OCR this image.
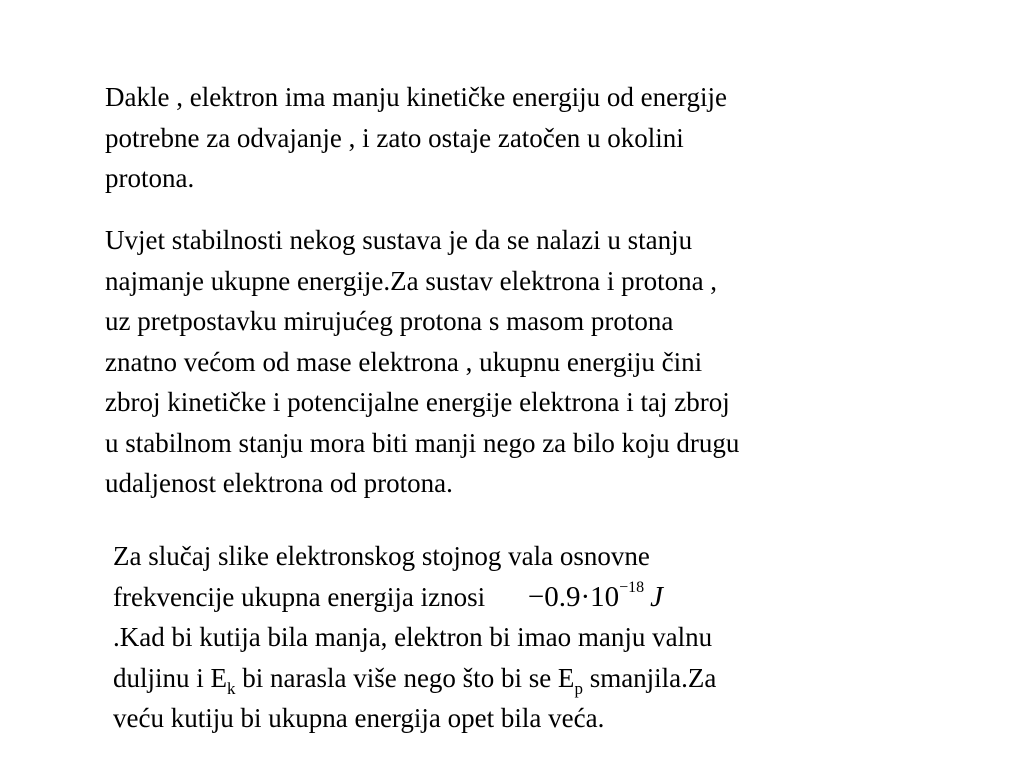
Dakle , elektron ima manju kinetičke energiju od energije
potrebne za odvajanje , i zato ostaje zatočen u okolini
protona.
Uvjet stabilnosti nekog sustava je da se nalazi u stanju
najmanje ukupne energije.Za sustav elektrona i protona ,
uz pretpostavku mirujućeg protona s masom protona
znatno većom od mase elektrona , ukupnu energiju čini
zbroj kinetičke i potencijalne energije elektrona i taj zbroj
u stabilnom stanju mora biti manji nego za bilo koju drugu
udaljenost elektrona od protona.
Za slučaj slike elektronskog stojnog vala osnovne
frekvencije ukupna energija iznosi $-0.9\cdot 10^{-18}$ J
.Kad bi kutija bila manja, elektron bi imao manju valnu
duljinu i $E_k$ bi narasla više nego što bi se $E_p$ smanjila.Za
veću kutiju bi ukupna energija opet bila veća.
